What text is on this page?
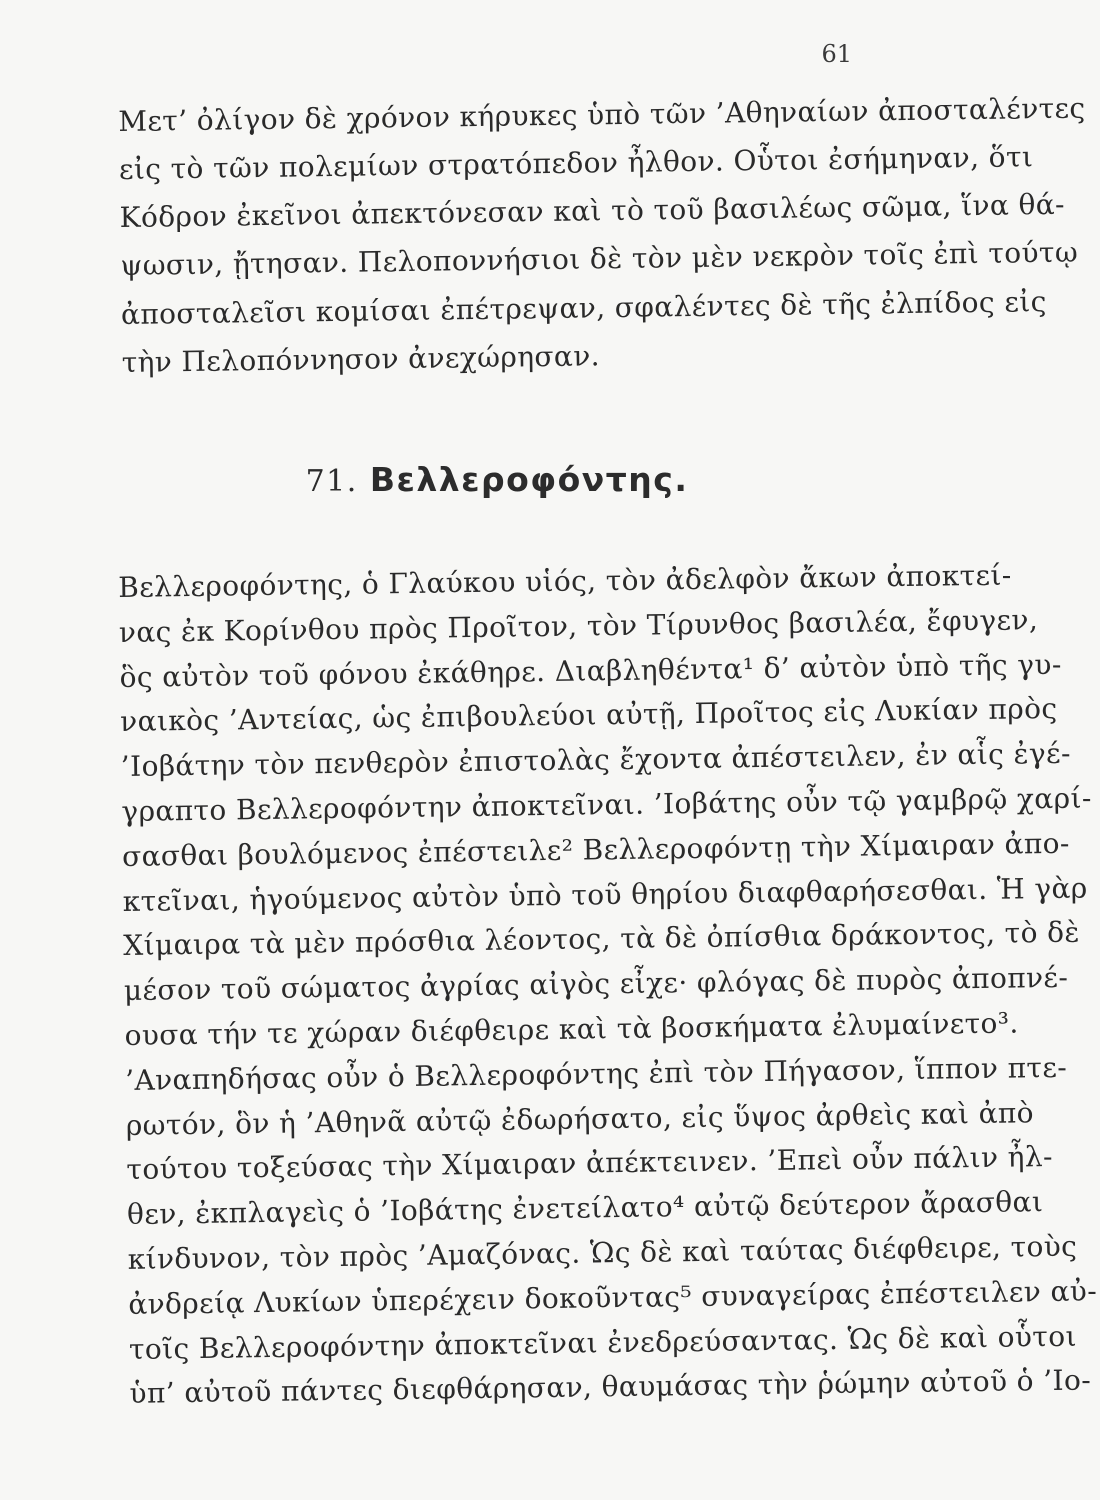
61
Μετ’ ὀλίγον δὲ χρόνον κήρυκες ὑπὸ τῶν ’Αθηναίων ἀποσταλέντες
εἰς τὸ τῶν πολεμίων στρατόπεδον ἦλθον. Οὗτοι ἐσήμηναν, ὅτι
Κόδρον ἐκεῖνοι ἀπεκτόνεσαν καὶ τὸ τοῦ βασιλέως σῶμα, ἵνα θά-
ψωσιν, ᾔτησαν. Πελοποννήσιοι δὲ τὸν μὲν νεκρὸν τοῖς ἐπὶ τούτῳ
ἀποσταλεῖσι κομίσαι ἐπέτρεψαν, σφαλέντες δὲ τῆς ἐλπίδος εἰς
τὴν Πελοπόννησον ἀνεχώρησαν.
71. Βελλεροφόντης.
Βελλεροφόντης, ὁ Γλαύκου υἱός, τὸν ἀδελφὸν ἄκων ἀποκτεί-
νας ἐκ Κορίνθου πρὸς Προῖτον, τὸν Τίρυνθος βασιλέα, ἔφυγεν,
ὃς αὐτὸν τοῦ φόνου ἐκάθηρε. Διαβληθέντα¹ δ’ αὐτὸν ὑπὸ τῆς γυ-
ναικὸς ’Αντείας, ὡς ἐπιβουλεύοι αὐτῇ, Προῖτος εἰς Λυκίαν πρὸς
’Ιοβάτην τὸν πενθερὸν ἐπιστολὰς ἔχοντα ἀπέστειλεν, ἐν αἷς ἐγέ-
γραπτο Βελλεροφόντην ἀποκτεῖναι. ’Ιοβάτης οὖν τῷ γαμβρῷ χαρί-
σασθαι βουλόμενος ἐπέστειλε² Βελλεροφόντῃ τὴν Χίμαιραν ἀπο-
κτεῖναι, ἡγούμενος αὐτὸν ὑπὸ τοῦ θηρίου διαφθαρήσεσθαι. Ἡ γὰρ
Χίμαιρα τὰ μὲν πρόσθια λέοντος, τὰ δὲ ὀπίσθια δράκοντος, τὸ δὲ
μέσον τοῦ σώματος ἀγρίας αἰγὸς εἶχε· φλόγας δὲ πυρὸς ἀποπνέ-
ουσα τήν τε χώραν διέφθειρε καὶ τὰ βοσκήματα ἐλυμαίνετο³.
’Αναπηδήσας οὖν ὁ Βελλεροφόντης ἐπὶ τὸν Πήγασον, ἵππον πτε-
ρωτόν, ὃν ἡ ’Αθηνᾶ αὐτῷ ἐδωρήσατο, εἰς ὕψος ἀρθεὶς καὶ ἀπὸ
τούτου τοξεύσας τὴν Χίμαιραν ἀπέκτεινεν. ’Επεὶ οὖν πάλιν ἦλ-
θεν, ἐκπλαγεὶς ὁ ’Ιοβάτης ἐνετείλατο⁴ αὐτῷ δεύτερον ἄρασθαι
κίνδυνον, τὸν πρὸς ’Αμαζόνας. Ὡς δὲ καὶ ταύτας διέφθειρε, τοὺς
ἀνδρείᾳ Λυκίων ὑπερέχειν δοκοῦντας⁵ συναγείρας ἐπέστειλεν αὐ-
τοῖς Βελλεροφόντην ἀποκτεῖναι ἐνεδρεύσαντας. Ὡς δὲ καὶ οὗτοι
ὑπ’ αὐτοῦ πάντες διεφθάρησαν, θαυμάσας τὴν ῥώμην αὐτοῦ ὁ ’Ιο-
